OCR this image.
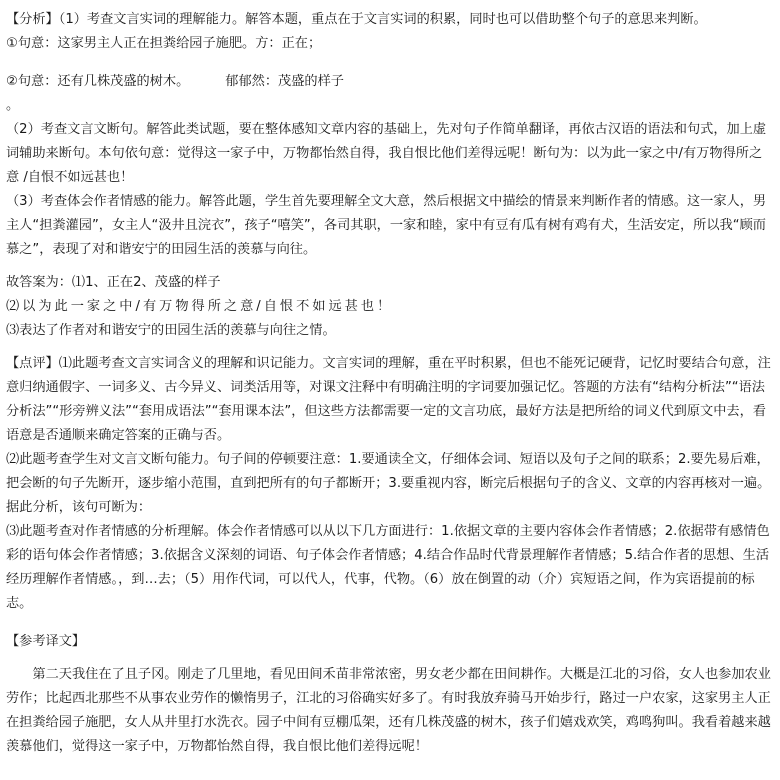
【分析】（1）考查文言实词的理解能力。解答本题，重点在于文言实词的积累，同时也可以借助整个句子的意思来判断。

①句意：这家男主人正在担粪给园子施肥。方：正在；

②句意：还有几株茂盛的树木。	郁郁然：茂盛的样子

。

（2）考查文言文断句。解答此类试题，要在整体感知文章内容的基础上，先对句子作简单翻译，再依古汉语的语法和句式，加上虚词辅助来断句。本句依句意：觉得这一家子中，万物都怡然自得，我自恨比他们差得远呢！断句为：以为此一家之中/有万物得所之意 /自恨不如远甚也！

（3）考查体会作者情感的能力。解答此题，学生首先要理解全文大意，然后根据文中描绘的情景来判断作者的情感。这一家人，男主人“担粪灌园”，女主人“汲井且浣衣”，孩子“嘻笑”，各司其职，一家和睦，家中有豆有瓜有树有鸡有犬，生活安定，所以我“顾而慕之”，表现了对和谐安宁的田园生活的羡慕与向往。

故答案为：⑴1、正在2、茂盛的样子

⑵以为此一家之中/有万物得所之意/自恨不如远甚也！

⑶表达了作者对和谐安宁的田园生活的羡慕与向往之情。

【点评】⑴此题考查文言实词含义的理解和识记能力。文言实词的理解，重在平时积累，但也不能死记硬背，记忆时要结合句意，注意归纳通假字、一词多义、古今异义、词类活用等，对课文注释中有明确注明的字词要加强记忆。答题的方法有“结构分析法”“语法分析法”“形旁辨义法”“套用成语法”“套用课本法”，但这些方法都需要一定的文言功底，最好方法是把所给的词义代到原文中去，看语意是否通顺来确定答案的正确与否。

⑵此题考查学生对文言文断句能力。句子间的停顿要注意：1.要通读全文，仔细体会词、短语以及句子之间的联系；2.要先易后难，把会断的句子先断开，逐步缩小范围，直到把所有的句子都断开；3.要重视内容，断完后根据句子的含义、文章的内容再核对一遍。据此分析，该句可断为：

⑶此题考查对作者情感的分析理解。体会作者情感可以从以下几方面进行：1.依据文章的主要内容体会作者情感；2.依据带有感情色彩的语句体会作者情感；3.依据含义深刻的词语、句子体会作者情感；4.结合作品时代背景理解作者情感；5.结合作者的思想、生活经历理解作者情感。，到…去；（5）用作代词，可以代人，代事，代物。（6）放在倒置的动（介）宾短语之间，作为宾语提前的标志。

【参考译文】

第二天我住在了且子冈。刚走了几里地，看见田间禾苗非常浓密，男女老少都在田间耕作。大概是江北的习俗，女人也参加农业劳作；比起西北那些不从事农业劳作的懒惰男子，江北的习俗确实好多了。有时我放弃骑马开始步行，路过一户农家，这家男主人正在担粪给园子施肥，女人从井里打水洗衣。园子中间有豆棚瓜架，还有几株茂盛的树木，孩子们嬉戏欢笑，鸡鸣狗叫。我看着越来越羡慕他们，觉得这一家子中，万物都怡然自得，我自恨比他们差得远呢！
